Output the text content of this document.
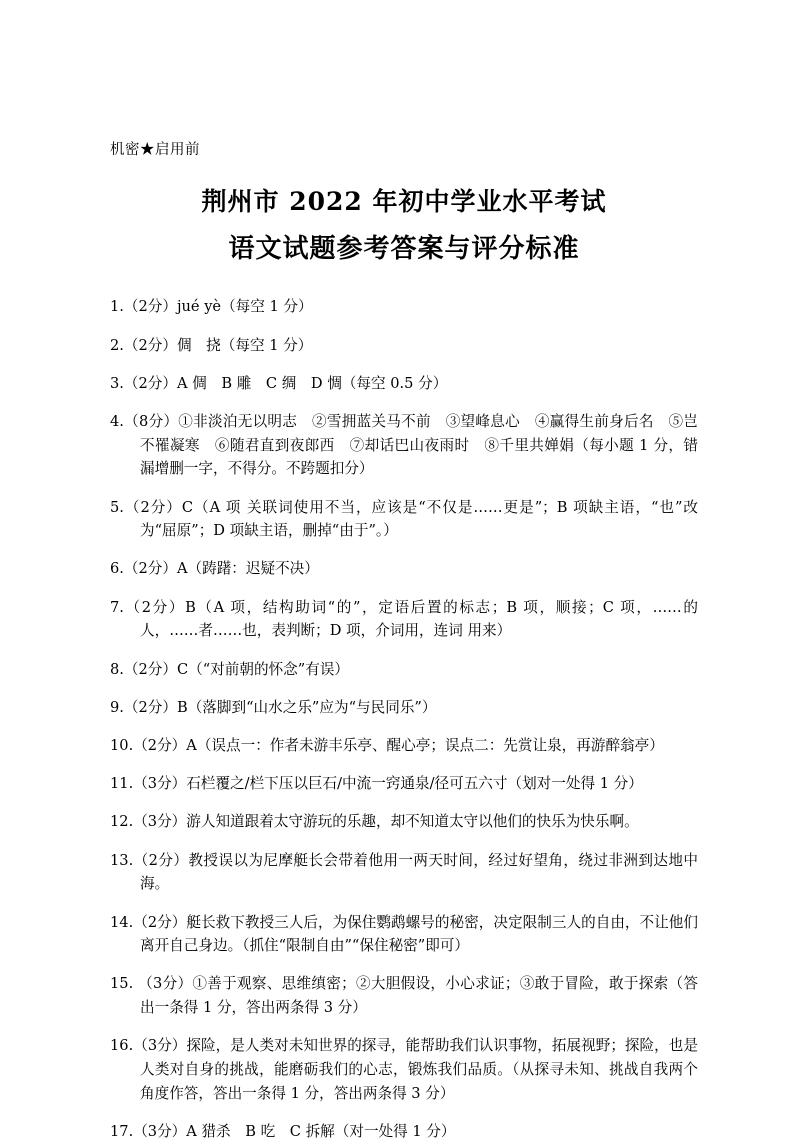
机密★启用前
荆州市 2022 年初中学业水平考试
语文试题参考答案与评分标准

1.（2分）jué yè（每空 1 分）

2.（2分）倜　挠（每空 1 分）

3.（2分）A 倜　B 雕　C 绸　D 惆（每空 0.5 分）

4.（8分）①非淡泊无以明志　②雪拥蓝关马不前　③望峰息心　④赢得生前身后名　⑤岂不罹凝寒　⑥随君直到夜郎西　⑦却话巴山夜雨时　⑧千里共婵娟（每小题 1 分，错漏增删一字，不得分。不跨题扣分）

5.（2分）C（A 项 关联词使用不当，应该是“不仅是……更是”；B 项缺主语，“也”改为“屈原”；D 项缺主语，删掉“由于”。）

6.（2分）A（踌躇：迟疑不决）

7.（2分）B（A 项，结构助词“的”，定语后置的标志；B 项，顺接；C 项，……的人，……者……也，表判断；D 项，介词用，连词 用来）

8.（2分）C（“对前朝的怀念”有误）

9.（2分）B（落脚到“山水之乐”应为“与民同乐”）

10.（2分）A（误点一：作者未游丰乐亭、醒心亭；误点二：先赏让泉，再游醉翁亭）

11.（3分）石栏覆之/栏下压以巨石/中流一窍通泉/径可五六寸（划对一处得 1 分）

12.（3分）游人知道跟着太守游玩的乐趣，却不知道太守以他们的快乐为快乐啊。

13.（2分）教授误以为尼摩艇长会带着他用一两天时间，经过好望角，绕过非洲到达地中海。

14.（2分）艇长救下教授三人后，为保住鹦鹉螺号的秘密，决定限制三人的自由，不让他们离开自己身边。（抓住“限制自由”“保住秘密”即可）

15. （3分）①善于观察、思维缜密；②大胆假设，小心求证；③敢于冒险，敢于探索（答出一条得 1 分，答出两条得 3 分）

16.（3分）探险，是人类对未知世界的探寻，能帮助我们认识事物，拓展视野；探险，也是人类对自身的挑战，能磨砺我们的心志，锻炼我们品质。（从探寻未知、挑战自我两个角度作答，答出一条得 1 分，答出两条得 3 分）

17.（3分）A 猎杀　B 吃　C 拆解（对一处得 1 分）
